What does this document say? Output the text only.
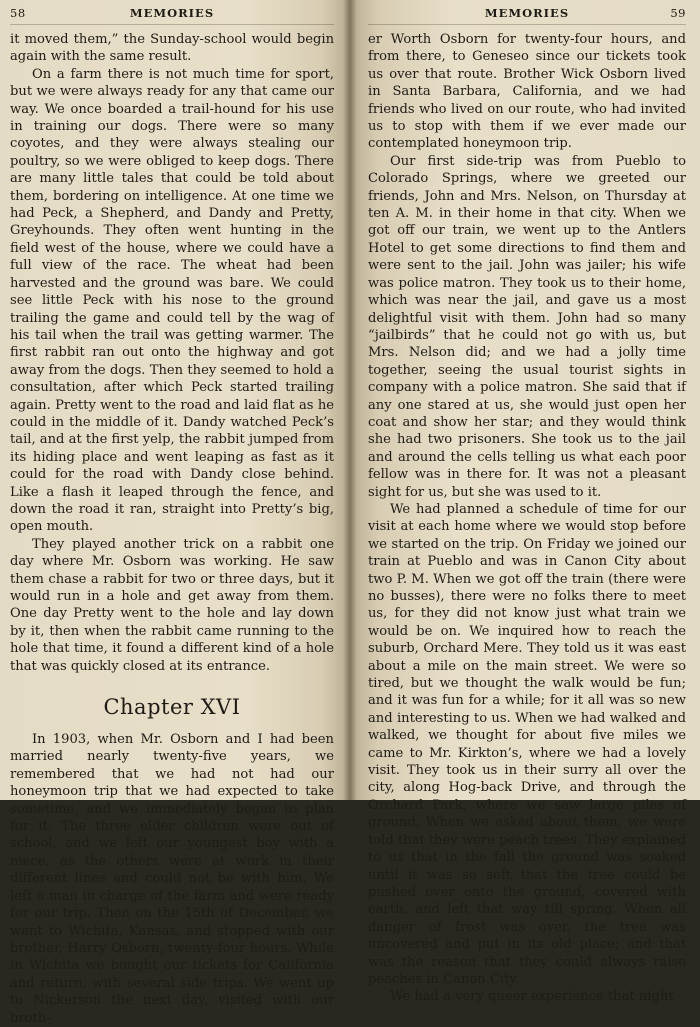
58	MEMORIES

it moved them,” the Sunday-school would begin again with the same result.

On a farm there is not much time for sport, but we were always ready for any that came our way. We once boarded a trail-hound for his use in training our dogs. There were so many coyotes, and they were always stealing our poultry, so we were obliged to keep dogs. There are many little tales that could be told about them, bordering on intelligence. At one time we had Peck, a Shepherd, and Dandy and Pretty, Greyhounds. They often went hunting in the field west of the house, where we could have a full view of the race. The wheat had been harvested and the ground was bare. We could see little Peck with his nose to the ground trailing the game and could tell by the wag of his tail when the trail was getting warmer. The first rabbit ran out onto the highway and got away from the dogs. Then they seemed to hold a consultation, after which Peck started trailing again. Pretty went to the road and laid flat as he could in the middle of it. Dandy watched Peck’s tail, and at the first yelp, the rabbit jumped from its hiding place and went leaping as fast as it could for the road with Dandy close behind. Like a flash it leaped through the fence, and down the road it ran, straight into Pretty’s big, open mouth.

They played another trick on a rabbit one day where Mr. Osborn was working. He saw them chase a rabbit for two or three days, but it would run in a hole and get away from them. One day Pretty went to the hole and lay down by it, then when the rabbit came running to the hole that time, it found a different kind of a hole that was quickly closed at its entrance.

Chapter XVI

In 1903, when Mr. Osborn and I had been married nearly twenty-five years, we remembered that we had not had our honeymoon trip that we had expected to take sometime, and we immediately began to plan for it. The three older children were out of school, and we left our youngest boy with a niece, as the others were at work in their different lines and could not be with him. We left a man in charge of the farm and were ready for our trip. Then on the 15th of December, we went to Wichita, Kansas, and stopped with our brother, Harry Osborn, twenty-four hours. While in Wichita we bought our tickets for California and return, with several side trips. We went up to Nickerson the next day, visited with our broth-

MEMORIES	59

er Worth Osborn for twenty-four hours, and from there, to Geneseo since our tickets took us over that route. Brother Wick Osborn lived in Santa Barbara, California, and we had friends who lived on our route, who had invited us to stop with them if we ever made our contemplated honeymoon trip.

Our first side-trip was from Pueblo to Colorado Springs, where we greeted our friends, John and Mrs. Nelson, on Thursday at ten A. M. in their home in that city. When we got off our train, we went up to the Antlers Hotel to get some directions to find them and were sent to the jail. John was jailer; his wife was police matron. They took us to their home, which was near the jail, and gave us a most delightful visit with them. John had so many “jailbirds” that he could not go with us, but Mrs. Nelson did; and we had a jolly time together, seeing the usual tourist sights in company with a police matron. She said that if any one stared at us, she would just open her coat and show her star; and they would think she had two prisoners. She took us to the jail and around the cells telling us what each poor fellow was in there for. It was not a pleasant sight for us, but she was used to it.

We had planned a schedule of time for our visit at each home where we would stop before we started on the trip. On Friday we joined our train at Pueblo and was in Canon City about two P. M. When we got off the train (there were no busses), there were no folks there to meet us, for they did not know just what train we would be on. We inquired how to reach the suburb, Orchard Mere. They told us it was east about a mile on the main street. We were so tired, but we thought the walk would be fun; and it was fun for a while; for it all was so new and interesting to us. When we had walked and walked, we thought for about five miles we came to Mr. Kirkton’s, where we had a lovely visit. They took us in their surry all over the city, along Hog-back Drive, and through the Orchard Park, where we saw large piles of ground. When we asked about them, we were told that they were peach trees. They explained to us that in the fall the ground was soaked until it was so soft that the tree could be pushed over onto the ground, covered with earth, and left that way till spring. When all danger of frost was over, the tree was uncovered and put in its old place; and that was the reason that they could always raise peaches in Canon City.

We had a very queer experience that night
